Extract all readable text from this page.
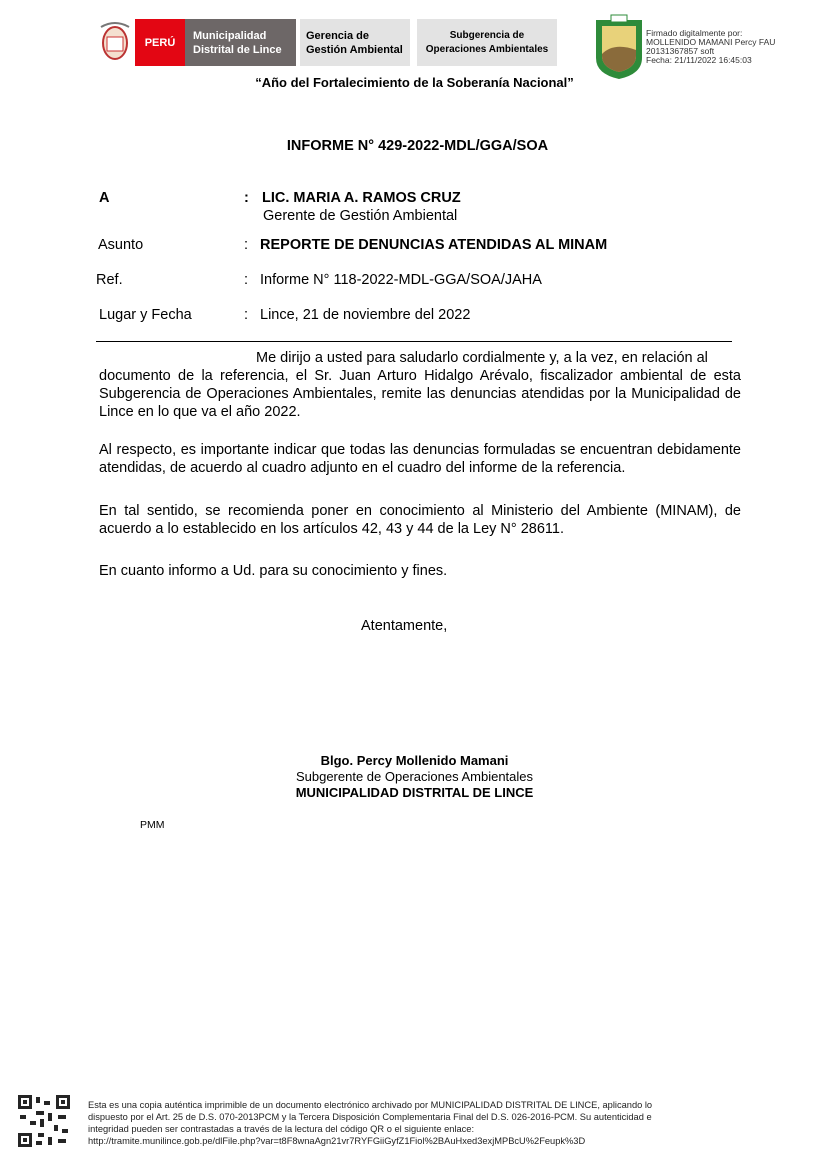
PERÚ
Municipalidad
Distrital de Lince
Gerencia de
Gestión Ambiental
Subgerencia de
Operaciones Ambientales
Firmado digitalmente por:
MOLLENIDO MAMANI Percy FAU
20131367857 soft
Fecha: 21/11/2022 16:45:03
“Año del Fortalecimiento de la Soberanía Nacional”
INFORME N° 429-2022-MDL/GGA/SOA
A	: LIC. MARIA A. RAMOS CRUZ
Gerente de Gestión Ambiental
Asunto	: REPORTE DE DENUNCIAS ATENDIDAS AL MINAM
Ref.	: Informe N° 118-2022-MDL-GGA/SOA/JAHA
Lugar y Fecha	: Lince, 21 de noviembre del 2022
Me dirijo a usted para saludarlo cordialmente y, a la vez, en relación al
documento de la referencia, el Sr. Juan Arturo Hidalgo Arévalo, fiscalizador ambiental de esta Subgerencia de Operaciones Ambientales, remite las denuncias atendidas por la Municipalidad de Lince en lo que va el año 2022.
Al respecto, es importante indicar que todas las denuncias formuladas se encuentran debidamente atendidas, de acuerdo al cuadro adjunto en el cuadro del informe de la referencia.
En tal sentido, se recomienda poner en conocimiento al Ministerio del Ambiente (MINAM), de acuerdo a lo establecido en los artículos 42, 43 y 44 de la Ley N° 28611.
En cuanto informo a Ud. para su conocimiento y fines.
Atentamente,
Blgo. Percy Mollenido Mamani
Subgerente de Operaciones Ambientales
MUNICIPALIDAD DISTRITAL DE LINCE
PMM
Esta es una copia auténtica imprimible de un documento electrónico archivado por MUNICIPALIDAD DISTRITAL DE LINCE, aplicando lo
dispuesto por el Art. 25 de D.S. 070-2013PCM y la Tercera Disposición Complementaria Final del D.S. 026-2016-PCM. Su autenticidad e
integridad pueden ser contrastadas a través de la lectura del código QR o el siguiente enlace:
http://tramite.munilince.gob.pe/dlFile.php?var=t8F8wnaAgn21vr7RYFGiiGyfZ1Fiol%2BAuHxed3exjMPBcU%2Feupk%3D
